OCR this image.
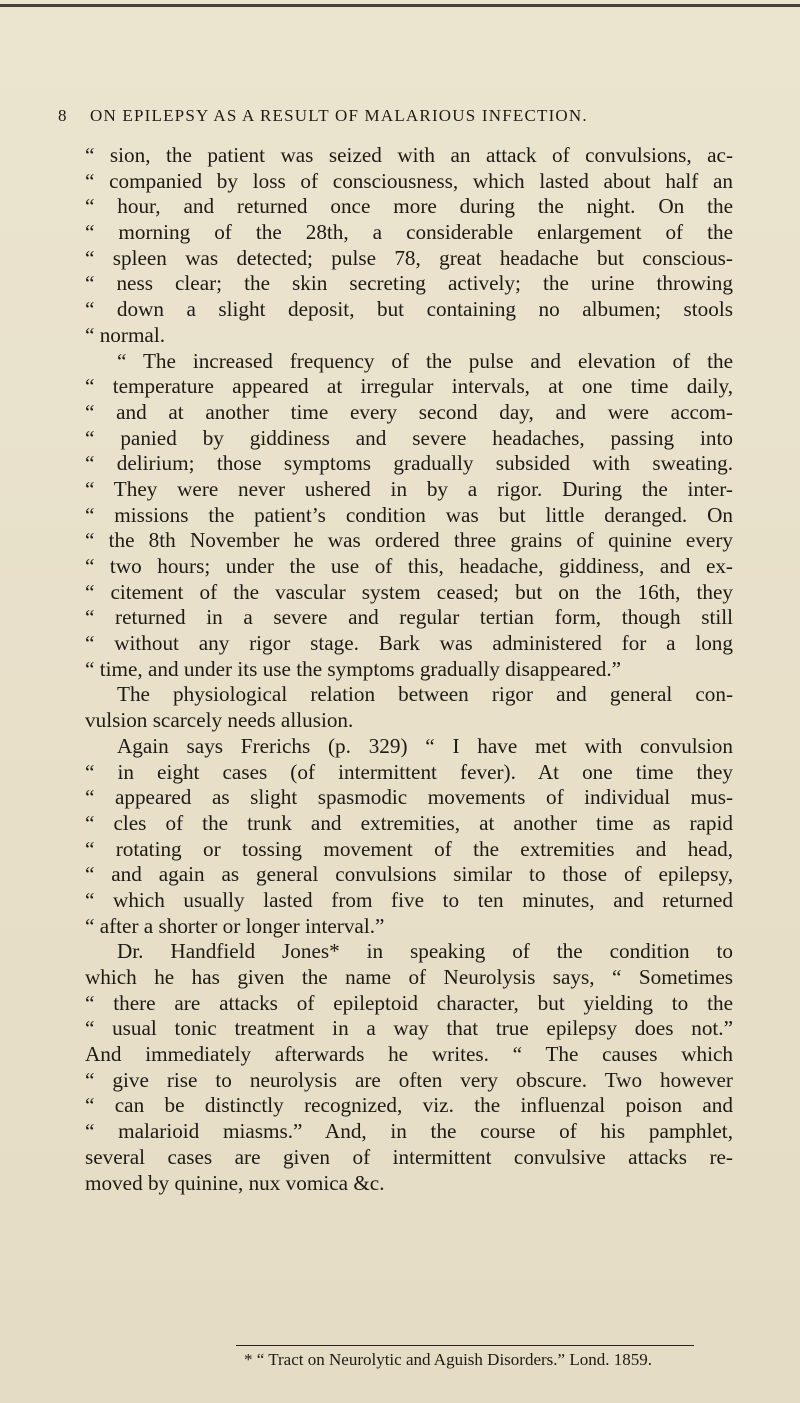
8 ON EPILEPSY AS A RESULT OF MALARIOUS INFECTION.
“ sion, the patient was seized with an attack of convulsions, ac-
“ companied by loss of consciousness, which lasted about half an
“ hour, and returned once more during the night. On the
“ morning of the 28th, a considerable enlargement of the
“ spleen was detected; pulse 78, great headache but conscious-
“ ness clear; the skin secreting actively; the urine throwing
“ down a slight deposit, but containing no albumen; stools
“ normal.
“ The increased frequency of the pulse and elevation of the
“ temperature appeared at irregular intervals, at one time daily,
“ and at another time every second day, and were accom-
“ panied by giddiness and severe headaches, passing into
“ delirium; those symptoms gradually subsided with sweating.
“ They were never ushered in by a rigor. During the inter-
“ missions the patient’s condition was but little deranged. On
“ the 8th November he was ordered three grains of quinine every
“ two hours; under the use of this, headache, giddiness, and ex-
“ citement of the vascular system ceased; but on the 16th, they
“ returned in a severe and regular tertian form, though still
“ without any rigor stage. Bark was administered for a long
“ time, and under its use the symptoms gradually disappeared.”
The physiological relation between rigor and general con-
vulsion scarcely needs allusion.
Again says Frerichs (p. 329) “ I have met with convulsion
“ in eight cases (of intermittent fever). At one time they
“ appeared as slight spasmodic movements of individual mus-
“ cles of the trunk and extremities, at another time as rapid
“ rotating or tossing movement of the extremities and head,
“ and again as general convulsions similar to those of epilepsy,
“ which usually lasted from five to ten minutes, and returned
“ after a shorter or longer interval.”
Dr. Handfield Jones* in speaking of the condition to
which he has given the name of Neurolysis says, “ Sometimes
“ there are attacks of epileptoid character, but yielding to the
“ usual tonic treatment in a way that true epilepsy does not.”
And immediately afterwards he writes. “ The causes which
“ give rise to neurolysis are often very obscure. Two however
“ can be distinctly recognized, viz. the influenzal poison and
“ malarioid miasms.” And, in the course of his pamphlet,
several cases are given of intermittent convulsive attacks re-
moved by quinine, nux vomica &c.
* “ Tract on Neurolytic and Aguish Disorders.” Lond. 1859.
